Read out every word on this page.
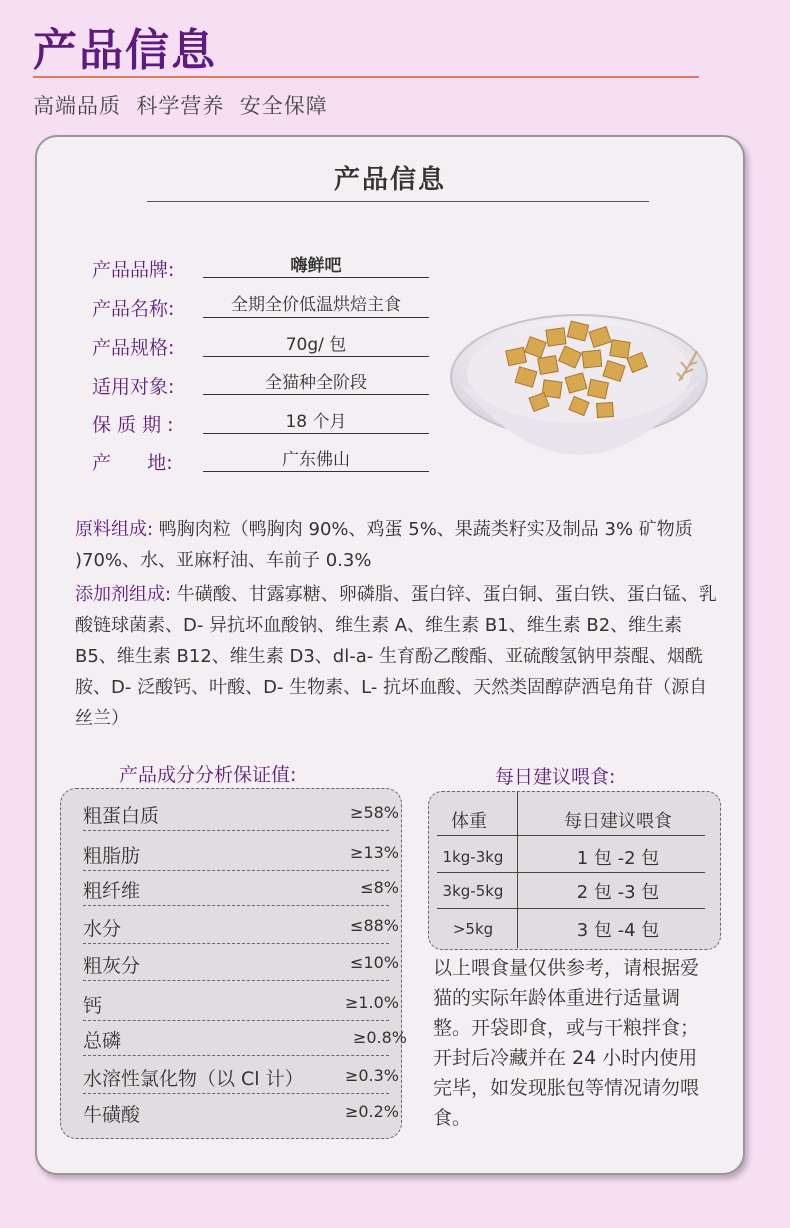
产品信息
高端品质  科学营养  安全保障
产品信息
产品品牌:	嗨鲜吧
产品名称:	全期全价低温烘焙主食
产品规格:	70g/ 包
适用对象:	全猫种全阶段
保 质 期 :	18 个月
产      地:	广东佛山
原料组成: 鸭胸肉粒（鸭胸肉 90%、鸡蛋 5%、果蔬类籽实及制品 3% 矿物质 )70%、水、亚麻籽油、车前子 0.3%
添加剂组成: 牛磺酸、甘露寡糖、卵磷脂、蛋白锌、蛋白铜、蛋白铁、蛋白锰、乳酸链球菌素、D- 异抗坏血酸钠、维生素 A、维生素 B1、维生素 B2、维生素 B5、维生素 B12、维生素 D3、dl-a- 生育酚乙酸酯、亚硫酸氢钠甲萘醌、烟酰胺、D- 泛酸钙、叶酸、D- 生物素、L- 抗坏血酸、天然类固醇萨洒皂角苷（源自丝兰）
产品成分分析保证值:
粗蛋白质	≥58%
粗脂肪	≥13%
粗纤维	≤8%
水分	≤88%
粗灰分	≤10%
钙	≥1.0%
总磷	≥0.8%
水溶性氯化物（以 Cl 计）	≥0.3%
牛磺酸	≥0.2%
每日建议喂食:
体重	每日建议喂食
1kg-3kg	1 包 -2 包
3kg-5kg	2 包 -3 包
>5kg	3 包 -4 包
以上喂食量仅供参考，请根据爱猫的实际年龄体重进行适量调整。开袋即食，或与干粮拌食；开封后冷藏并在 24 小时内使用完毕，如发现胀包等情况请勿喂食。
